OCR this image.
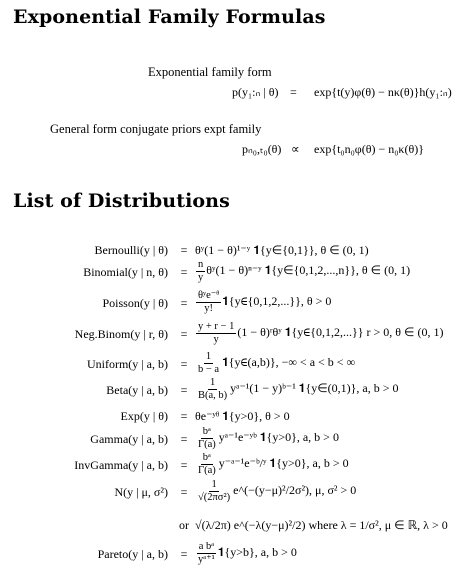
Exponential Family Formulas
Exponential family form
p(y₁:ₙ | θ) = exp{t(y)φ(θ) − nκ(θ)}h(y₁:ₙ)
General form conjugate priors expt family
pₙ₀,ₜ₀(θ) ∝ exp{t₀n₀φ(θ) − n₀κ(θ)}
List of Distributions
Bernoulli(y | θ)	= θʸ(1 − θ)¹⁻ʸ 𝟏{y∈{0,1}}, θ ∈ (0, 1)
Binomial(y | n, θ)	= $\frac{n}{y}$ θʸ(1 − θ)ⁿ⁻ʸ 𝟏{y∈{0,1,2,...,n}}, θ ∈ (0, 1)
Poisson(y | θ)	= $\frac{\text{θʸe⁻ᶿ}}{y!}$ 𝟏{y∈{0,1,2,...}}, θ > 0
Neg.Binom(y | r, θ)	= $\frac{y + r - 1}{y} (1$ − θ)ʳθʸ 𝟏{y∈{0,1,2,...}} r > 0, θ ∈ (0, 1)
Uniform(y | a, b)	= $\frac{1}{b - a}$ 𝟏{y∈(a,b)}, −∞ < a < b < ∞
Beta(y | a, b)	= $\frac{1}{B(a, b)}$ yᵃ⁻¹(1 − y)ᵇ⁻¹ 𝟏{y∈(0,1)}, a, b > 0
Exp(y | θ)	= θe⁻ʸᶿ 𝟏{y>0}, θ > 0
Gamma(y | a, b)	= $\frac{\text{bᵃ}}{\Gamma(a)}$ yᵃ⁻¹e⁻ʸᵇ 𝟏{y>0}, a, b > 0
InvGamma(y | a, b)	= $\frac{\text{bᵃ}}{\Gamma(a)}$ y⁻ᵃ⁻¹e⁻ᵇ/ʸ 𝟏{y>0}, a, b > 0
N(y | μ, σ²)	= $\frac{1}{\text{√(2πσ²)}}$ e^(−(y−μ)²/2σ²), μ, σ² > 0
or √(λ/2π) e^(−λ(y−μ)²/2) where λ = 1/σ², μ ∈ ℝ, λ > 0
Pareto(y | a, b)	= $\frac{\text{a bᵃ}}{\text{yᵃ⁺¹}}$ 𝟏{y>b}, a, b > 0
